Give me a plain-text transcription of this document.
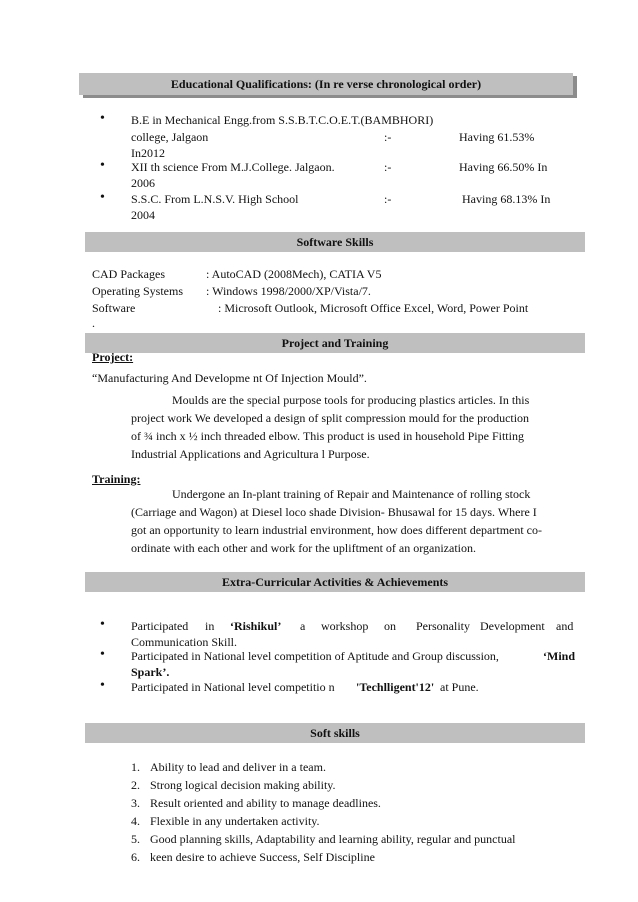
Educational Qualifications: (In re verse chronological order)
• B.E in Mechanical Engg.from S.S.B.T.C.O.E.T.(BAMBHORI)
college, Jalgaon	:-	Having 61.53%
In2012
• XII th science From M.J.College. Jalgaon.	:-	Having 66.50% In
2006
• S.S.C. From L.N.S.V. High School	:-	Having 68.13% In
2004
Software Skills
CAD Packages	: AutoCAD (2008Mech), CATIA V5
Operating Systems : Windows 1998/2000/XP/Vista/7.
Software	: Microsoft Outlook, Microsoft Office Excel, Word, Power Point
.
Project and Training
Project:
“Manufacturing And Developme nt Of Injection Mould”.
Moulds are the special purpose tools for producing plastics articles. In this
project work We developed a design of split compression mould for the production
of ¾ inch x ½ inch threaded elbow. This product is used in household Pipe Fitting
Industrial Applications and Agricultura l Purpose.
Training:
Undergone an In-plant training of Repair and Maintenance of rolling stock
(Carriage and Wagon) at Diesel loco shade Division- Bhusawal for 15 days. Where I
got an opportunity to learn industrial environment, how does different department co-
ordinate with each other and work for the upliftment of an organization.
Extra-Curricular Activities & Achievements
• Participated in ‘Rishikul’ a workshop on Personality Development and
Communication Skill.
• Participated in National level competition of Aptitude and Group discussion,	‘Mind
Spark’.
• Participated in National level competitio n 'Techlligent'12' at Pune.
Soft skills
1. Ability to lead and deliver in a team.
2. Strong logical decision making ability.
3. Result oriented and ability to manage deadlines.
4. Flexible in any undertaken activity.
5. Good planning skills, Adaptability and learning ability, regular and punctual
6. keen desire to achieve Success, Self Discipline
